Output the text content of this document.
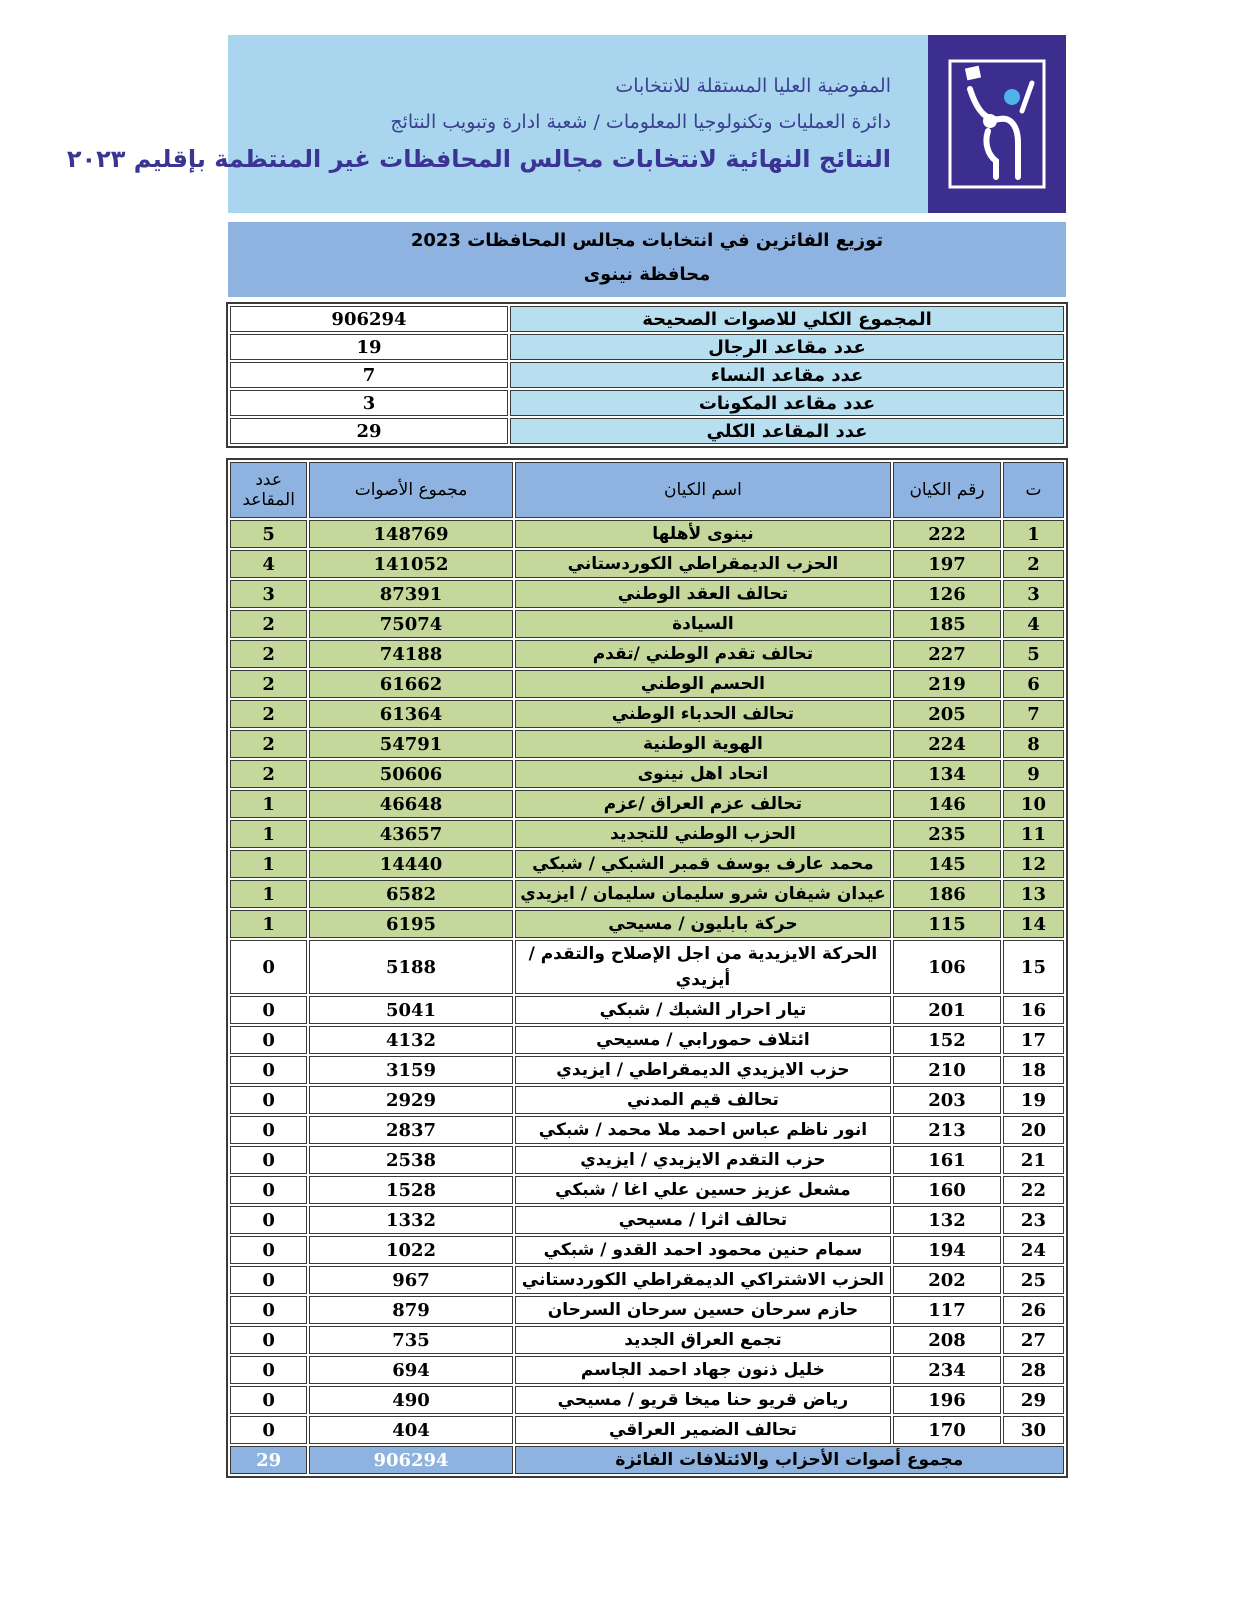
المفوضية العليا المستقلة للانتخابات
دائرة العمليات وتكنولوجيا المعلومات / شعبة ادارة وتبويب النتائج
النتائج النهائية لانتخابات مجالس المحافظات غير المنتظمة بإقليم ٢٠٢٣
توزيع الفائزين في انتخابات مجالس المحافظات 2023
محافظة نينوى
906294	المجموع الكلي للاصوات الصحيحة
19	عدد مقاعد الرجال
7	عدد مقاعد النساء
3	عدد مقاعد المكونات
29	عدد المقاعد الكلي
عدد المقاعد	مجموع الأصوات	اسم الكيان	رقم الكيان	ت
5	148769	نينوى لأهلها	222	1
4	141052	الحزب الديمقراطي الكوردستاني	197	2
3	87391	تحالف العقد الوطني	126	3
2	75074	السيادة	185	4
2	74188	تحالف تقدم الوطني /تقدم	227	5
2	61662	الحسم الوطني	219	6
2	61364	تحالف الحدباء الوطني	205	7
2	54791	الهوية الوطنية	224	8
2	50606	اتحاد اهل نينوى	134	9
1	46648	تحالف عزم العراق /عزم	146	10
1	43657	الحزب الوطني للتجديد	235	11
1	14440	محمد عارف يوسف قمبر الشبكي / شبكي	145	12
1	6582	عيدان شيفان شرو سليمان سليمان / ايزيدي	186	13
1	6195	حركة بابليون / مسيحي	115	14
0	5188	الحركة الايزيدية من اجل الإصلاح والتقدم / أيزيدي	106	15
0	5041	تيار احرار الشبك / شبكي	201	16
0	4132	ائتلاف حمورابي / مسيحي	152	17
0	3159	حزب الايزيدي الديمقراطي / ايزيدي	210	18
0	2929	تحالف قيم المدني	203	19
0	2837	انور ناظم عباس احمد ملا محمد / شبكي	213	20
0	2538	حزب التقدم الايزيدي / ايزيدي	161	21
0	1528	مشعل عزيز حسين علي اغا / شبكي	160	22
0	1332	تحالف اثرا / مسيحي	132	23
0	1022	سمام حنين محمود احمد القدو / شبكي	194	24
0	967	الحزب الاشتراكي الديمقراطي الكوردستاني	202	25
0	879	حازم سرحان حسين سرحان السرحان	117	26
0	735	تجمع العراق الجديد	208	27
0	694	خليل ذنون جهاد احمد الجاسم	234	28
0	490	رياض قريو حنا ميخا قريو / مسيحي	196	29
0	404	تحالف الضمير العراقي	170	30
29	906294	مجموع أصوات الأحزاب والائتلافات الفائزة		
